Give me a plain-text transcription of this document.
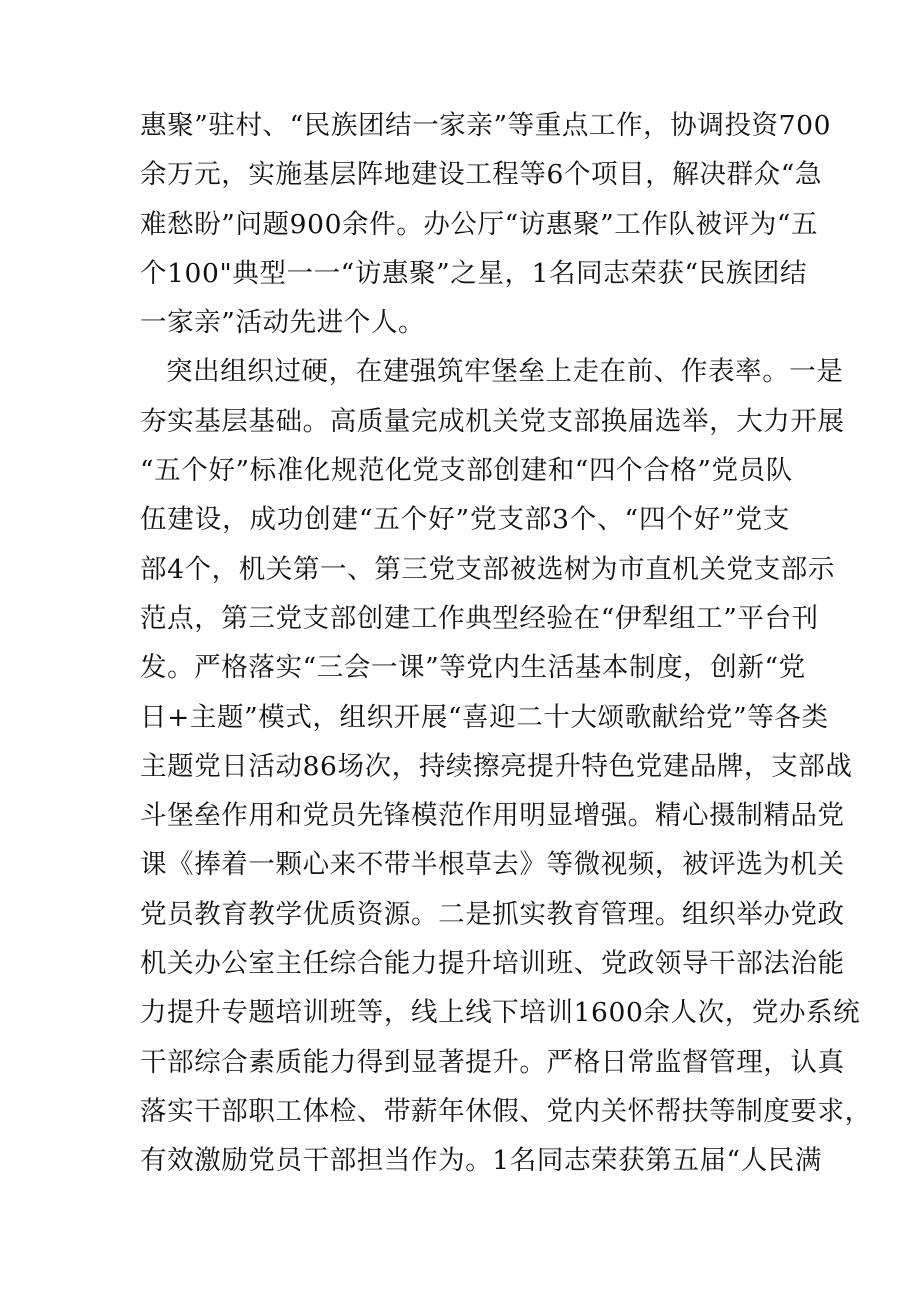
惠聚”驻村、“民族团结一家亲”等重点工作，协调投资700
余万元，实施基层阵地建设工程等6个项目，解决群众“急
难愁盼”问题900余件。办公厅“访惠聚”工作队被评为“五
个100"典型一一“访惠聚”之星，1名同志荣获“民族团结
一家亲”活动先进个人。
突出组织过硬，在建强筑牢堡垒上走在前、作表率。一是
夯实基层基础。高质量完成机关党支部换届选举，大力开展
“五个好”标准化规范化党支部创建和“四个合格”党员队
伍建设，成功创建“五个好”党支部3个、“四个好”党支
部4个，机关第一、第三党支部被选树为市直机关党支部示
范点，第三党支部创建工作典型经验在“伊犁组工”平台刊
发。严格落实“三会一课”等党内生活基本制度，创新“党
日+主题”模式，组织开展“喜迎二十大颂歌献给党”等各类
主题党日活动86场次，持续擦亮提升特色党建品牌，支部战
斗堡垒作用和党员先锋模范作用明显增强。精心摄制精品党
课《捧着一颗心来不带半根草去》等微视频，被评选为机关
党员教育教学优质资源。二是抓实教育管理。组织举办党政
机关办公室主任综合能力提升培训班、党政领导干部法治能
力提升专题培训班等，线上线下培训1600余人次，党办系统
干部综合素质能力得到显著提升。严格日常监督管理，认真
落实干部职工体检、带薪年休假、党内关怀帮扶等制度要求，
有效激励党员干部担当作为。1名同志荣获第五届“人民满
